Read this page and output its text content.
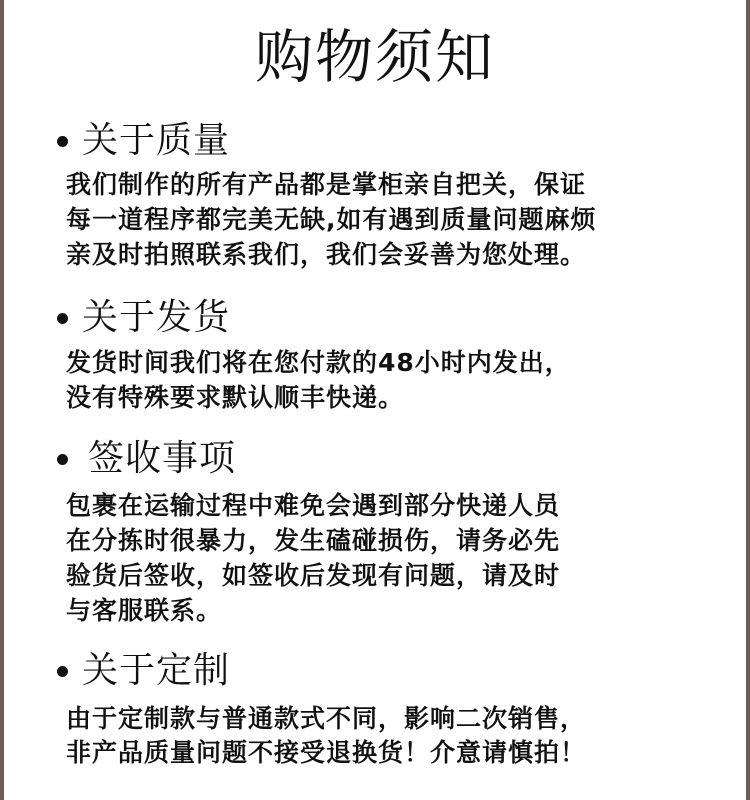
购物须知
关于质量
我们制作的所有产品都是掌柜亲自把关，保证
每一道程序都完美无缺,如有遇到质量问题麻烦
亲及时拍照联系我们，我们会妥善为您处理。
关于发货
发货时间我们将在您付款的48小时内发出，
没有特殊要求默认顺丰快递。
签收事项
包裹在运输过程中难免会遇到部分快递人员
在分拣时很暴力，发生磕碰损伤，请务必先
验货后签收，如签收后发现有问题，请及时
与客服联系。
关于定制
由于定制款与普通款式不同，影响二次销售，
非产品质量问题不接受退换货！介意请慎拍！
